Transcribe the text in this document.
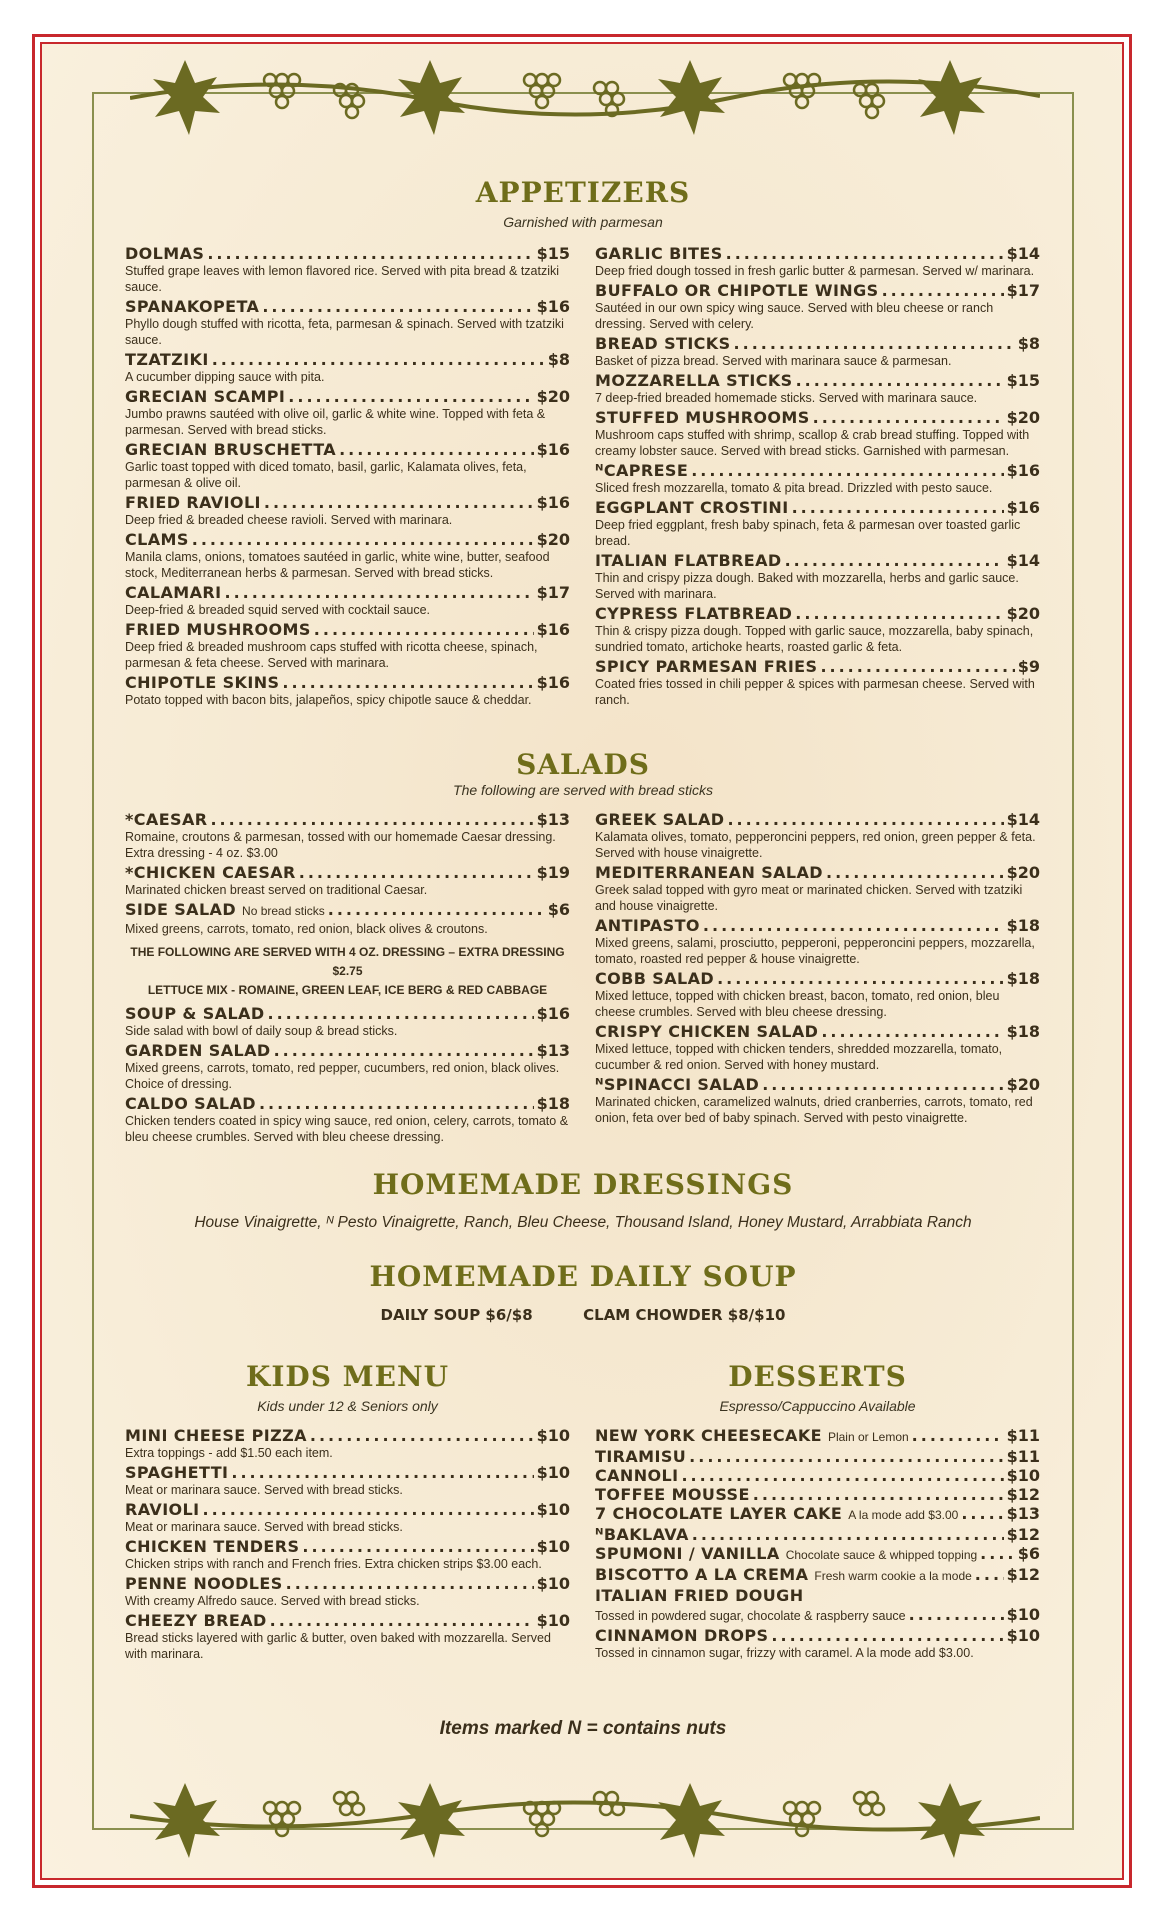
APPETIZERS
Garnished with parmesan
DOLMAS .....	$15
Stuffed grape leaves with lemon flavored rice. Served with pita bread & tzatziki sauce.
SPANAKOPETA .....	$16
Phyllo dough stuffed with ricotta, feta, parmesan & spinach. Served with tzatziki sauce.
TZATZIKI .....	$8
A cucumber dipping sauce with pita.
GRECIAN SCAMPI .....	$20
Jumbo prawns sautéed with olive oil, garlic & white wine. Topped with feta & parmesan. Served with bread sticks.
GRECIAN BRUSCHETTA .....	$16
Garlic toast topped with diced tomato, basil, garlic, Kalamata olives, feta, parmesan & olive oil.
FRIED RAVIOLI .....	$16
Deep fried & breaded cheese ravioli. Served with marinara.
CLAMS .....	$20
Manila clams, onions, tomatoes sautéed in garlic, white wine, butter, seafood stock, Mediterranean herbs & parmesan. Served with bread sticks.
CALAMARI .....	$17
Deep-fried & breaded squid served with cocktail sauce.
FRIED MUSHROOMS .....	$16
Deep fried & breaded mushroom caps stuffed with ricotta cheese, spinach, parmesan & feta cheese. Served with marinara.
CHIPOTLE SKINS .....	$16
Potato topped with bacon bits, jalapeños, spicy chipotle sauce & cheddar.
GARLIC BITES .....	$14
Deep fried dough tossed in fresh garlic butter & parmesan. Served w/ marinara.
BUFFALO OR CHIPOTLE WINGS .....	$17
Sautéed in our own spicy wing sauce. Served with bleu cheese or ranch dressing. Served with celery.
BREAD STICKS .....	$8
Basket of pizza bread. Served with marinara sauce & parmesan.
MOZZARELLA STICKS .....	$15
7 deep-fried breaded homemade sticks. Served with marinara sauce.
STUFFED MUSHROOMS .....	$20
Mushroom caps stuffed with shrimp, scallop & crab bread stuffing. Topped with creamy lobster sauce. Served with bread sticks. Garnished with parmesan.
ᴺCAPRESE .....	$16
Sliced fresh mozzarella, tomato & pita bread. Drizzled with pesto sauce.
EGGPLANT CROSTINI .....	$16
Deep fried eggplant, fresh baby spinach, feta & parmesan over toasted garlic bread.
ITALIAN FLATBREAD .....	$14
Thin and crispy pizza dough. Baked with mozzarella, herbs and garlic sauce. Served with marinara.
CYPRESS FLATBREAD .....	$20
Thin & crispy pizza dough. Topped with garlic sauce, mozzarella, baby spinach, sundried tomato, artichoke hearts, roasted garlic & feta.
SPICY PARMESAN FRIES .....	$9
Coated fries tossed in chili pepper & spices with parmesan cheese. Served with ranch.
SALADS
The following are served with bread sticks
*CAESAR .....	$13
Romaine, croutons & parmesan, tossed with our homemade Caesar dressing. Extra dressing - 4 oz. $3.00
*CHICKEN CAESAR .....	$19
Marinated chicken breast served on traditional Caesar.
SIDE SALAD No bread sticks .....	$6
Mixed greens, carrots, tomato, red onion, black olives & croutons.
THE FOLLOWING ARE SERVED WITH 4 OZ. DRESSING – EXTRA DRESSING $2.75
LETTUCE MIX - ROMAINE, GREEN LEAF, ICE BERG & RED CABBAGE
SOUP & SALAD .....	$16
Side salad with bowl of daily soup & bread sticks.
GARDEN SALAD .....	$13
Mixed greens, carrots, tomato, red pepper, cucumbers, red onion, black olives. Choice of dressing.
CALDO SALAD .....	$18
Chicken tenders coated in spicy wing sauce, red onion, celery, carrots, tomato & bleu cheese crumbles. Served with bleu cheese dressing.
GREEK SALAD .....	$14
Kalamata olives, tomato, pepperoncini peppers, red onion, green pepper & feta. Served with house vinaigrette.
MEDITERRANEAN SALAD .....	$20
Greek salad topped with gyro meat or marinated chicken. Served with tzatziki and house vinaigrette.
ANTIPASTO .....	$18
Mixed greens, salami, prosciutto, pepperoni, pepperoncini peppers, mozzarella, tomato, roasted red pepper & house vinaigrette.
COBB SALAD .....	$18
Mixed lettuce, topped with chicken breast, bacon, tomato, red onion, bleu cheese crumbles. Served with bleu cheese dressing.
CRISPY CHICKEN SALAD .....	$18
Mixed lettuce, topped with chicken tenders, shredded mozzarella, tomato, cucumber & red onion. Served with honey mustard.
ᴺSPINACCI SALAD .....	$20
Marinated chicken, caramelized walnuts, dried cranberries, carrots, tomato, red onion, feta over bed of baby spinach. Served with pesto vinaigrette.
HOMEMADE DRESSINGS
House Vinaigrette, ᴺ Pesto Vinaigrette, Ranch, Bleu Cheese, Thousand Island, Honey Mustard, Arrabbiata Ranch
HOMEMADE DAILY SOUP
DAILY SOUP $6/$8	CLAM CHOWDER $8/$10
KIDS MENU
Kids under 12 & Seniors only
MINI CHEESE PIZZA .....	$10
Extra toppings - add $1.50 each item.
SPAGHETTI .....	$10
Meat or marinara sauce. Served with bread sticks.
RAVIOLI .....	$10
Meat or marinara sauce. Served with bread sticks.
CHICKEN TENDERS .....	$10
Chicken strips with ranch and French fries. Extra chicken strips $3.00 each.
PENNE NOODLES .....	$10
With creamy Alfredo sauce. Served with bread sticks.
CHEEZY BREAD .....	$10
Bread sticks layered with garlic & butter, oven baked with mozzarella. Served with marinara.
DESSERTS
Espresso/Cappuccino Available
NEW YORK CHEESECAKE Plain or Lemon .....	$11
TIRAMISU .....	$11
CANNOLI .....	$10
TOFFEE MOUSSE .....	$12
7 CHOCOLATE LAYER CAKE A la mode add $3.00 .....	$13
ᴺBAKLAVA .....	$12
SPUMONI / VANILLA Chocolate sauce & whipped topping .....	$6
BISCOTTO A LA CREMA Fresh warm cookie a la mode ..... $12
ITALIAN FRIED DOUGH
Tossed in powdered sugar, chocolate & raspberry sauce .....	$10
CINNAMON DROPS .....	$10
Tossed in cinnamon sugar, frizzy with caramel. A la mode add $3.00.
Items marked N = contains nuts
